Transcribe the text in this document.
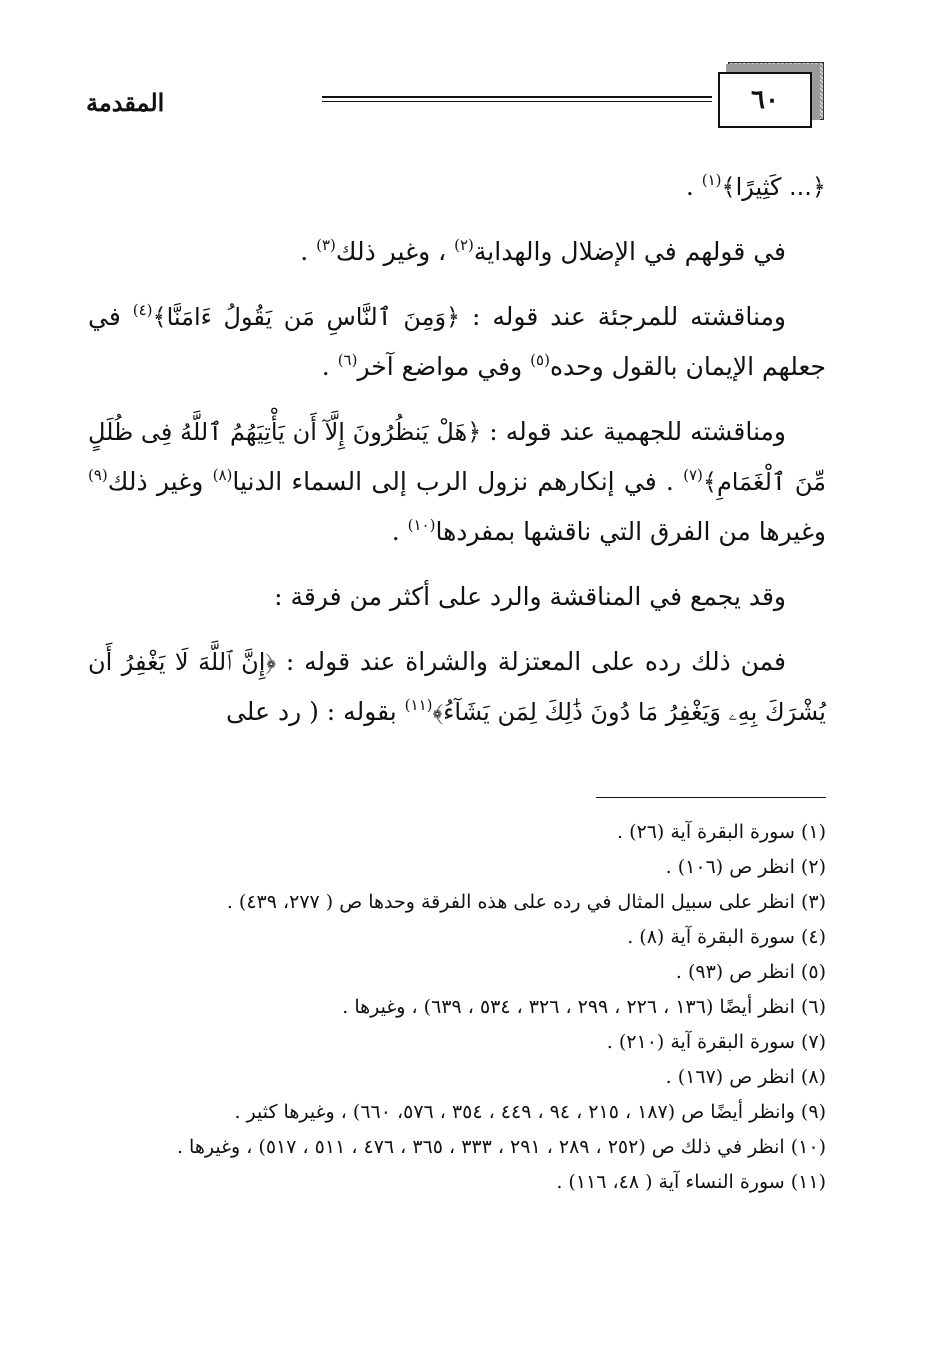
المقدمة	٦٠

﴿... كَثِيرًا﴾$^{(١)}$ .

في قولهم في الإضلال والهداية$^{(٢)}$ ، وغير ذلك$^{(٣)}$ .

ومناقشته للمرجئة عند قوله : ﴿وَمِنَ ٱلنَّاسِ مَن يَقُولُ ءَامَنَّا﴾$^{(٤)}$ في جعلهم الإيمان بالقول وحده$^{(٥)}$ وفي مواضع آخر$^{(٦)}$ .

ومناقشته للجهمية عند قوله : ﴿هَلْ يَنظُرُونَ إِلَّآ أَن يَأْتِيَهُمُ ٱللَّهُ فِى ظُلَلٍ مِّنَ ٱلْغَمَامِ﴾$^{(٧)}$ . في إنكارهم نزول الرب إلى السماء الدنيا$^{(٨)}$ وغير ذلك$^{(٩)}$ وغيرها من الفرق التي ناقشها بمفردها$^{(١٠)}$ .

وقد يجمع في المناقشة والرد على أكثر من فرقة :

فمن ذلك رده على المعتزلة والشراة عند قوله : ﴿إِنَّ ٱللَّهَ لَا يَغْفِرُ أَن يُشْرَكَ بِهِۦ وَيَغْفِرُ مَا دُونَ ذَٰلِكَ لِمَن يَشَآءُ﴾$^{(١١)}$ بقوله : ( رد على

(١) سورة البقرة آية (٢٦) .

(٢) انظر ص (١٠٦) .

(٣) انظر على سبيل المثال في رده على هذه الفرقة وحدها ص ( ٢٧٧، ٤٣٩) .

(٤) سورة البقرة آية (٨) .

(٥) انظر ص (٩٣) .

(٦) انظر أيضًا (١٣٦ ، ٢٢٦ ، ٢٩٩ ، ٣٢٦ ، ٥٣٤ ، ٦٣٩) ، وغيرها .

(٧) سورة البقرة آية (٢١٠) .

(٨) انظر ص (١٦٧) .

(٩) وانظر أيضًا ص (١٨٧ ، ٢١٥ ، ٩٤ ، ٤٤٩ ، ٣٥٤ ، ٥٧٦، ٦٦٠) ، وغيرها كثير .

(١٠) انظر في ذلك ص (٢٥٢ ، ٢٨٩ ، ٢٩١ ، ٣٣٣ ، ٣٦٥ ، ٤٧٦ ، ٥١١ ، ٥١٧) ، وغيرها .

(١١) سورة النساء آية ( ٤٨، ١١٦) .
